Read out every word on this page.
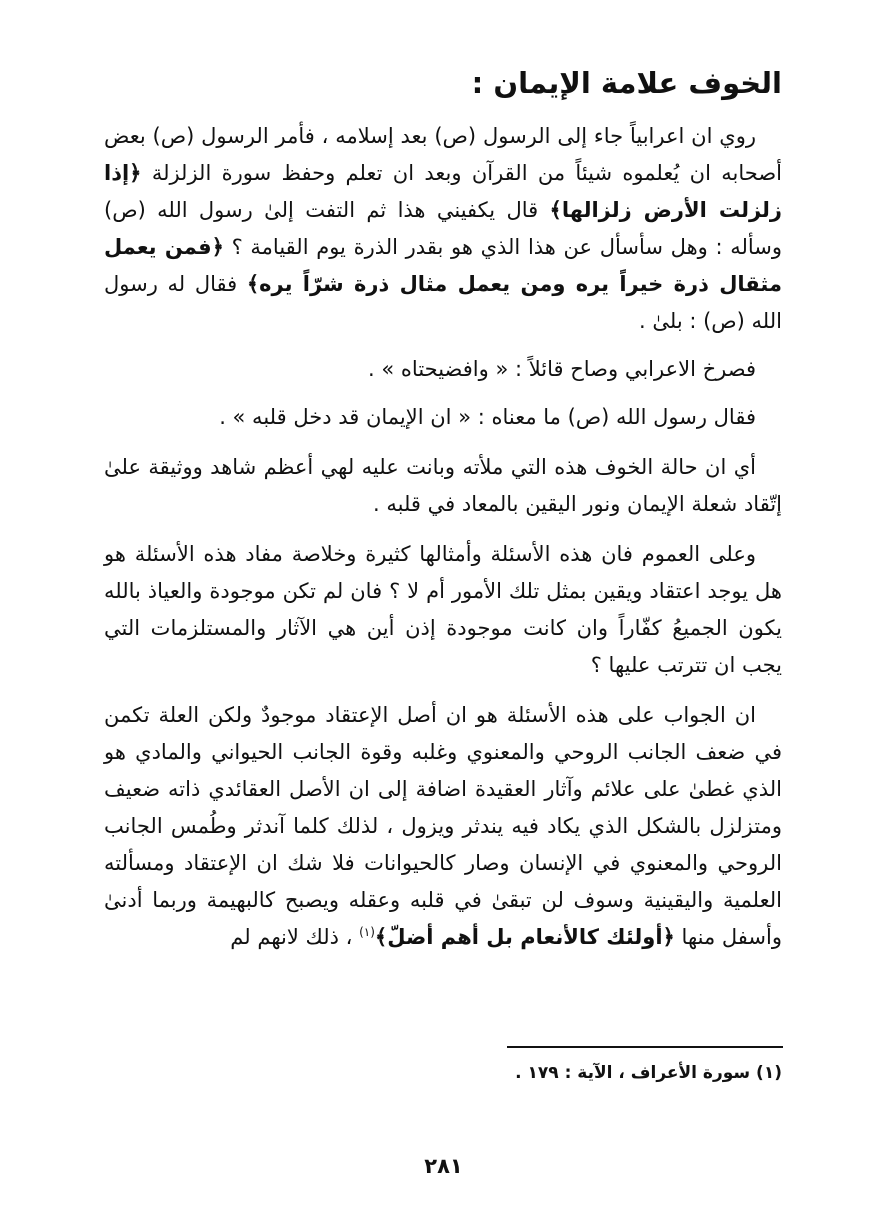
الخوف علامة الإيمان :

روي ان اعرابياً جاء إلى الرسول (ص) بعد إسلامه ، فأمر الرسول (ص) بعض أصحابه ان يُعلموه شيئاً من القرآن وبعد ان تعلم وحفظ سورة الزلزلة ﴿إذا زلزلت الأرض زلزالها﴾ قال يكفيني هذا ثم التفت إلىٰ رسول الله (ص) وسأله : وهل سأسأل عن هذا الذي هو بقدر الذرة يوم القيامة ؟ ﴿فمن يعمل مثقال ذرة خيراً يره ومن يعمل مثال ذرة شرّاً يره﴾ فقال له رسول الله (ص) : بلىٰ .

فصرخ الاعرابي وصاح قائلاً : « وافضيحتاه » .

فقال رسول الله (ص) ما معناه : « ان الإيمان قد دخل قلبه » .

أي ان حالة الخوف هذه التي ملأته وبانت عليه لهي أعظم شاهد ووثيقة علىٰ إتّقاد شعلة الإيمان ونور اليقين بالمعاد في قلبه .

وعلى العموم فان هذه الأسئلة وأمثالها كثيرة وخلاصة مفاد هذه الأسئلة هو هل يوجد اعتقاد ويقين بمثل تلك الأمور أم لا ؟ فان لم تكن موجودة والعياذ بالله يكون الجميعُ كفّاراً وان كانت موجودة إذن أين هي الآثار والمستلزمات التي يجب ان تترتب عليها ؟

ان الجواب على هذه الأسئلة هو ان أصل الإعتقاد موجودٌ ولكن العلة تكمن في ضعف الجانب الروحي والمعنوي وغلبه وقوة الجانب الحيواني والمادي هو الذي غطىٰ على علائم وآثار العقيدة اضافة إلى ان الأصل العقائدي ذاته ضعيف ومتزلزل بالشكل الذي يكاد فيه يندثر ويزول ، لذلك كلما آندثر وطُمس الجانب الروحي والمعنوي في الإنسان وصار كالحيوانات فلا شك ان الإعتقاد ومسألته العلمية واليقينية وسوف لن تبقىٰ في قلبه وعقله ويصبح كالبهيمة وربما أدنىٰ وأسفل منها ﴿أولئك كالأنعام بل أهم أضلّ﴾$^{(١)}$ ، ذلك لانهم لم

(١) سورة الأعراف ، الآية : ١٧٩ .
٢٨١
